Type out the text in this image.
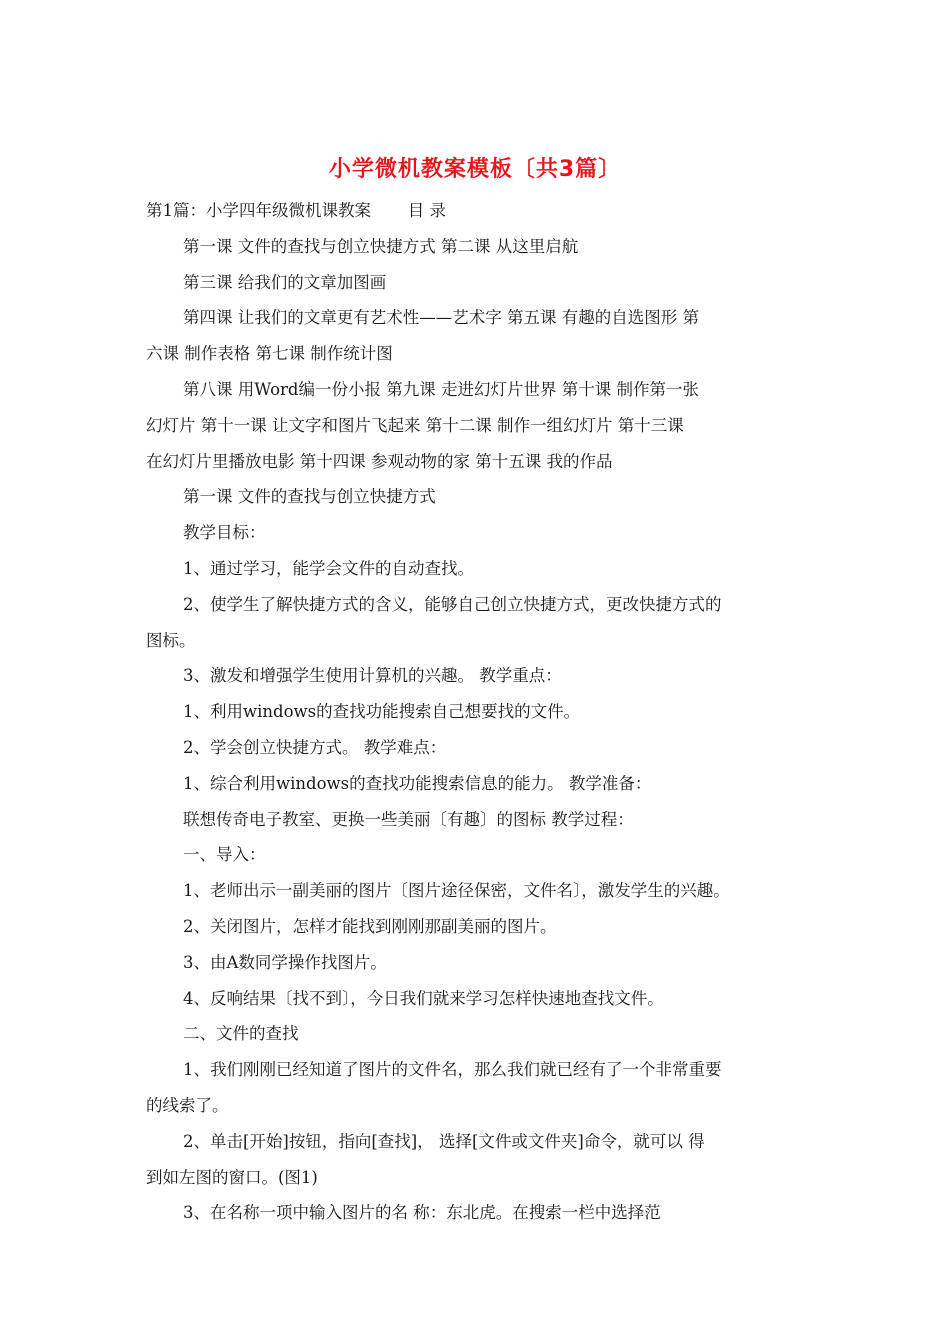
小学微机教案模板〔共3篇〕

第1篇：小学四年级微机课教案       目 录

第一课 文件的查找与创立快捷方式 第二课 从这里启航

第三课 给我们的文章加图画

第四课 让我们的文章更有艺术性——艺术字 第五课 有趣的自选图形 第

六课 制作表格 第七课 制作统计图

第八课 用Word编一份小报 第九课 走进幻灯片世界 第十课 制作第一张

幻灯片 第十一课 让文字和图片飞起来 第十二课 制作一组幻灯片 第十三课

在幻灯片里播放电影 第十四课 参观动物的家 第十五课 我的作品

第一课 文件的查找与创立快捷方式

教学目标：

1、通过学习，能学会文件的自动查找。

2、使学生了解快捷方式的含义，能够自己创立快捷方式，更改快捷方式的

图标。

3、激发和增强学生使用计算机的兴趣。 教学重点：

1、利用windows的查找功能搜索自己想要找的文件。

2、学会创立快捷方式。 教学难点：

1、综合利用windows的查找功能搜索信息的能力。 教学准备：

联想传奇电子教室、更换一些美丽〔有趣〕的图标 教学过程：

一、导入：

1、老师出示一副美丽的图片〔图片途径保密，文件名〕，激发学生的兴趣。

2、关闭图片，怎样才能找到刚刚那副美丽的图片。

3、由A数同学操作找图片。

4、反响结果〔找不到〕，今日我们就来学习怎样快速地查找文件。

二、文件的查找

1、我们刚刚已经知道了图片的文件名，那么我们就已经有了一个非常重要

的线索了。

2、单击[开始]按钮，指向[查找]， 选择[文件或文件夹]命令，就可以 得

到如左图的窗口。(图1)

3、在名称一项中输入图片的名 称：东北虎。在搜索一栏中选择范
